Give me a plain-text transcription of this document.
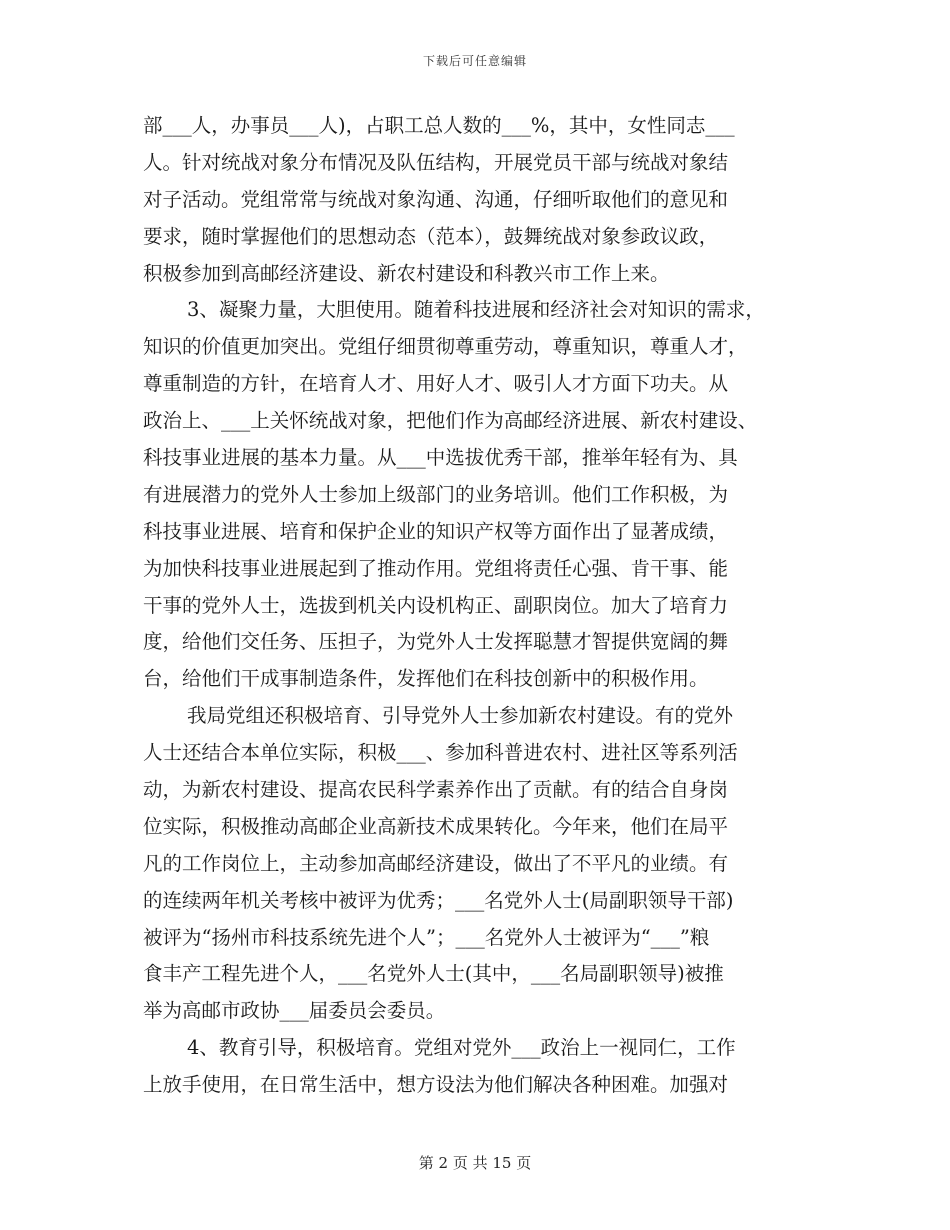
下载后可任意编辑
部___人，办事员___人)，占职工总人数的___%，其中，女性同志___
人。针对统战对象分布情况及队伍结构，开展党员干部与统战对象结
对子活动。党组常常与统战对象沟通、沟通，仔细听取他们的意见和
要求，随时掌握他们的思想动态（范本），鼓舞统战对象参政议政，
积极参加到高邮经济建设、新农村建设和科教兴市工作上来。
3、凝聚力量，大胆使用。随着科技进展和经济社会对知识的需求，
知识的价值更加突出。党组仔细贯彻尊重劳动，尊重知识，尊重人才，
尊重制造的方针，在培育人才、用好人才、吸引人才方面下功夫。从
政治上、___上关怀统战对象，把他们作为高邮经济进展、新农村建设、
科技事业进展的基本力量。从___中选拔优秀干部，推举年轻有为、具
有进展潜力的党外人士参加上级部门的业务培训。他们工作积极，为
科技事业进展、培育和保护企业的知识产权等方面作出了显著成绩，
为加快科技事业进展起到了推动作用。党组将责任心强、肯干事、能
干事的党外人士，选拔到机关内设机构正、副职岗位。加大了培育力
度，给他们交任务、压担子，为党外人士发挥聪慧才智提供宽阔的舞
台，给他们干成事制造条件，发挥他们在科技创新中的积极作用。
我局党组还积极培育、引导党外人士参加新农村建设。有的党外
人士还结合本单位实际，积极___、参加科普进农村、进社区等系列活
动，为新农村建设、提高农民科学素养作出了贡献。有的结合自身岗
位实际，积极推动高邮企业高新技术成果转化。今年来，他们在局平
凡的工作岗位上，主动参加高邮经济建设，做出了不平凡的业绩。有
的连续两年机关考核中被评为优秀；___名党外人士(局副职领导干部)
被评为“扬州市科技系统先进个人”；___名党外人士被评为“___”粮
食丰产工程先进个人，___名党外人士(其中，___名局副职领导)被推
举为高邮市政协___届委员会委员。
4、教育引导，积极培育。党组对党外___政治上一视同仁，工作
上放手使用，在日常生活中，想方设法为他们解决各种困难。加强对
第 2 页 共 15 页
